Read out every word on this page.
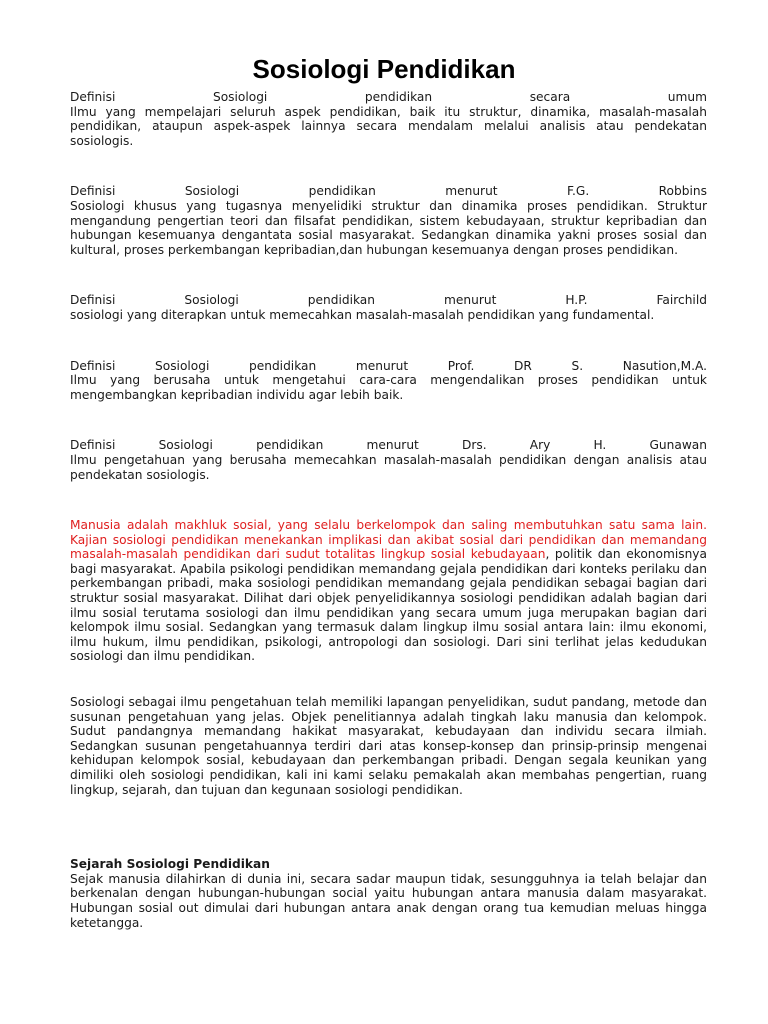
Sosiologi Pendidikan
Definisi	Sosiologi	pendidikan	secara	umum
Ilmu yang mempelajari seluruh aspek pendidikan, baik itu struktur, dinamika, masalah-masalah pendidikan, ataupun aspek-aspek lainnya secara mendalam melalui analisis atau pendekatan sosiologis.
Definisi	Sosiologi	pendidikan	menurut	F.G.	Robbins
Sosiologi khusus yang tugasnya menyelidiki struktur dan dinamika proses pendidikan. Struktur mengandung pengertian teori dan filsafat pendidikan, sistem kebudayaan, struktur kepribadian dan hubungan kesemuanya dengantata sosial masyarakat. Sedangkan dinamika yakni proses sosial dan kultural, proses perkembangan kepribadian,dan hubungan kesemuanya dengan proses pendidikan.
Definisi	Sosiologi	pendidikan	menurut	H.P.	Fairchild
sosiologi yang diterapkan untuk memecahkan masalah-masalah pendidikan yang fundamental.
Definisi	Sosiologi	pendidikan	menurut	Prof.	DR	S.	Nasution,M.A.
Ilmu yang berusaha untuk mengetahui cara-cara mengendalikan proses pendidikan untuk mengembangkan kepribadian individu agar lebih baik.
Definisi	Sosiologi	pendidikan	menurut	Drs.	Ary	H.	Gunawan
Ilmu pengetahuan yang berusaha memecahkan masalah-masalah pendidikan dengan analisis atau pendekatan sosiologis.

Manusia adalah makhluk sosial, yang selalu berkelompok dan saling membutuhkan satu sama lain. Kajian sosiologi pendidikan menekankan implikasi dan akibat sosial dari pendidikan dan memandang masalah-masalah pendidikan dari sudut totalitas lingkup sosial kebudayaan, politik dan ekonomisnya bagi masyarakat. Apabila psikologi pendidikan memandang gejala pendidikan dari konteks perilaku dan perkembangan pribadi, maka sosiologi pendidikan memandang gejala pendidikan sebagai bagian dari struktur sosial masyarakat. Dilihat dari objek penyelidikannya sosiologi pendidikan adalah bagian dari ilmu sosial terutama sosiologi dan ilmu pendidikan yang secara umum juga merupakan bagian dari kelompok ilmu sosial. Sedangkan yang termasuk dalam lingkup ilmu sosial antara lain: ilmu ekonomi, ilmu hukum, ilmu pendidikan, psikologi, antropologi dan sosiologi. Dari sini terlihat jelas kedudukan sosiologi dan ilmu pendidikan.

Sosiologi sebagai ilmu pengetahuan telah memiliki lapangan penyelidikan, sudut pandang, metode dan susunan pengetahuan yang jelas. Objek penelitiannya adalah tingkah laku manusia dan kelompok. Sudut pandangnya memandang hakikat masyarakat, kebudayaan dan individu secara ilmiah. Sedangkan susunan pengetahuannya terdiri dari atas konsep-konsep dan prinsip-prinsip mengenai kehidupan kelompok sosial, kebudayaan dan perkembangan pribadi. Dengan segala keunikan yang dimiliki oleh sosiologi pendidikan, kali ini kami selaku pemakalah akan membahas pengertian, ruang lingkup, sejarah, dan tujuan dan kegunaan sosiologi pendidikan.

Sejarah Sosiologi Pendidikan

Sejak manusia dilahirkan di dunia ini, secara sadar maupun tidak, sesungguhnya ia telah belajar dan berkenalan dengan hubungan-hubungan social yaitu hubungan antara manusia dalam masyarakat. Hubungan sosial out dimulai dari hubungan antara anak dengan orang tua kemudian meluas hingga ketetangga.
